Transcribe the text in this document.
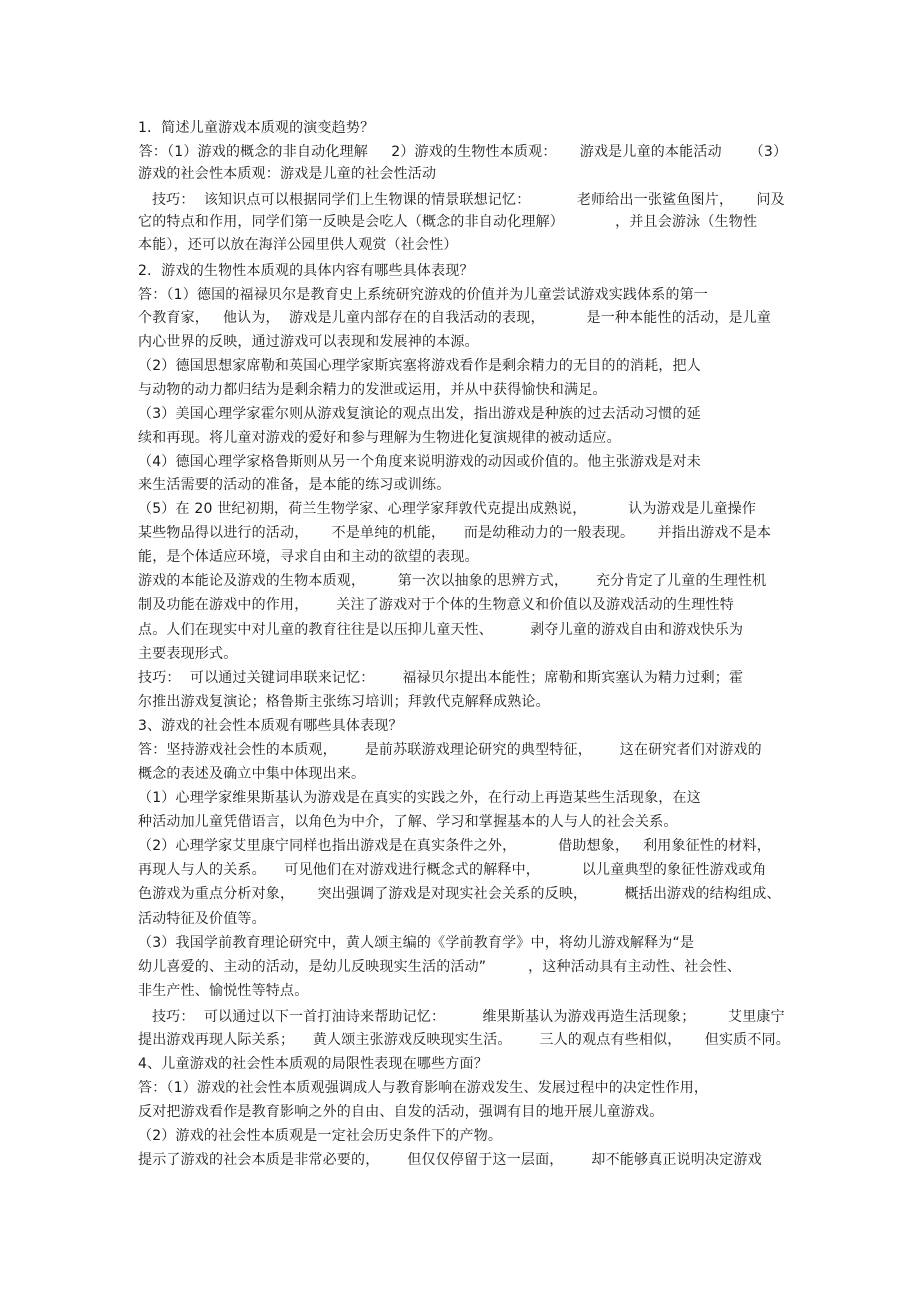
1．简述儿童游戏本质观的演变趋势？
答：（1）游戏的概念的非自动化理解     2）游戏的生物性本质观：     游戏是儿童的本能活动      （3）
游戏的社会性本质观：游戏是儿童的社会性活动
技巧：  该知识点可以根据同学们上生物课的情景联想记忆：          老师给出一张鲨鱼图片，     问及
它的特点和作用，同学们第一反映是会吃人（概念的非自动化理解）           ，并且会游泳（生物性
本能），还可以放在海洋公园里供人观赏（社会性）
2．游戏的生物性本质观的具体内容有哪些具体表现？
答：（1）德国的福禄贝尔是教育史上系统研究游戏的价值并为儿童尝试游戏实践体系的第一
个教育家，   他认为，  游戏是儿童内部存在的自我活动的表现，         是一种本能性的活动，是儿童
内心世界的反映，通过游戏可以表现和发展神的本源。
（2）德国思想家席勒和英国心理学家斯宾塞将游戏看作是剩余精力的无目的的消耗，把人
与动物的动力都归结为是剩余精力的发泄或运用，并从中获得愉快和满足。
（3）美国心理学家霍尔则从游戏复演论的观点出发，指出游戏是种族的过去活动习惯的延
续和再现。将儿童对游戏的爱好和参与理解为生物进化复演规律的被动适应。
（4）德国心理学家格鲁斯则从另一个角度来说明游戏的动因或价值的。他主张游戏是对未
来生活需要的活动的准备，是本能的练习或训练。
（5）在 20 世纪初期，荷兰生物学家、心理学家拜敦代克提出成熟说，         认为游戏是儿童操作
某些物品得以进行的活动，     不是单纯的机能，    而是幼稚动力的一般表现。     并指出游戏不是本
能，是个体适应环境，寻求自由和主动的欲望的表现。
游戏的本能论及游戏的生物本质观，       第一次以抽象的思辨方式，      充分肯定了儿童的生理性机
制及功能在游戏中的作用，      关注了游戏对于个体的生物意义和价值以及游戏活动的生理性特
点。人们在现实中对儿童的教育往往是以压抑儿童天性、        剥夺儿童的游戏自由和游戏快乐为
主要表现形式。
技巧：  可以通过关键词串联来记忆：      福禄贝尔提出本能性；席勒和斯宾塞认为精力过剩；霍
尔推出游戏复演论；格鲁斯主张练习培训；拜敦代克解释成熟论。
3、游戏的社会性本质观有哪些具体表现？
答：坚持游戏社会性的本质观，      是前苏联游戏理论研究的典型特征，      这在研究者们对游戏的
概念的表述及确立中集中体现出来。
（1）心理学家维果斯基认为游戏是在真实的实践之外，在行动上再造某些生活现象，在这
种活动加儿童凭借语言，以角色为中介，了解、学习和掌握基本的人与人的社会关系。
（2）心理学家艾里康宁同样也指出游戏是在真实条件之外，         借助想象，   利用象征性的材料，
再现人与人的关系。    可见他们在对游戏进行概念式的解释中，         以儿童典型的象征性游戏或角
色游戏为重点分析对象，     突出强调了游戏是对现实社会关系的反映，        概括出游戏的结构组成、
活动特征及价值等。
（3）我国学前教育理论研究中，黄人颂主编的《学前教育学》中，将幼儿游戏解释为“是
幼儿喜爱的、主动的活动，是幼儿反映现实生活的活动”         ，这种活动具有主动性、社会性、
非生产性、愉悦性等特点。
技巧：  可以通过以下一首打油诗来帮助记忆：        维果斯基认为游戏再造生活现象；       艾里康宁
提出游戏再现人际关系；    黄人颂主张游戏反映现实生活。      三人的观点有些相似，     但实质不同。
4、儿童游戏的社会性本质观的局限性表现在哪些方面？
答：（1）游戏的社会性本质观强调成人与教育影响在游戏发生、发展过程中的决定性作用，
反对把游戏看作是教育影响之外的自由、自发的活动，强调有目的地开展儿童游戏。
（2）游戏的社会性本质观是一定社会历史条件下的产物。
提示了游戏的社会本质是非常必要的，      但仅仅停留于这一层面，      却不能够真正说明决定游戏
